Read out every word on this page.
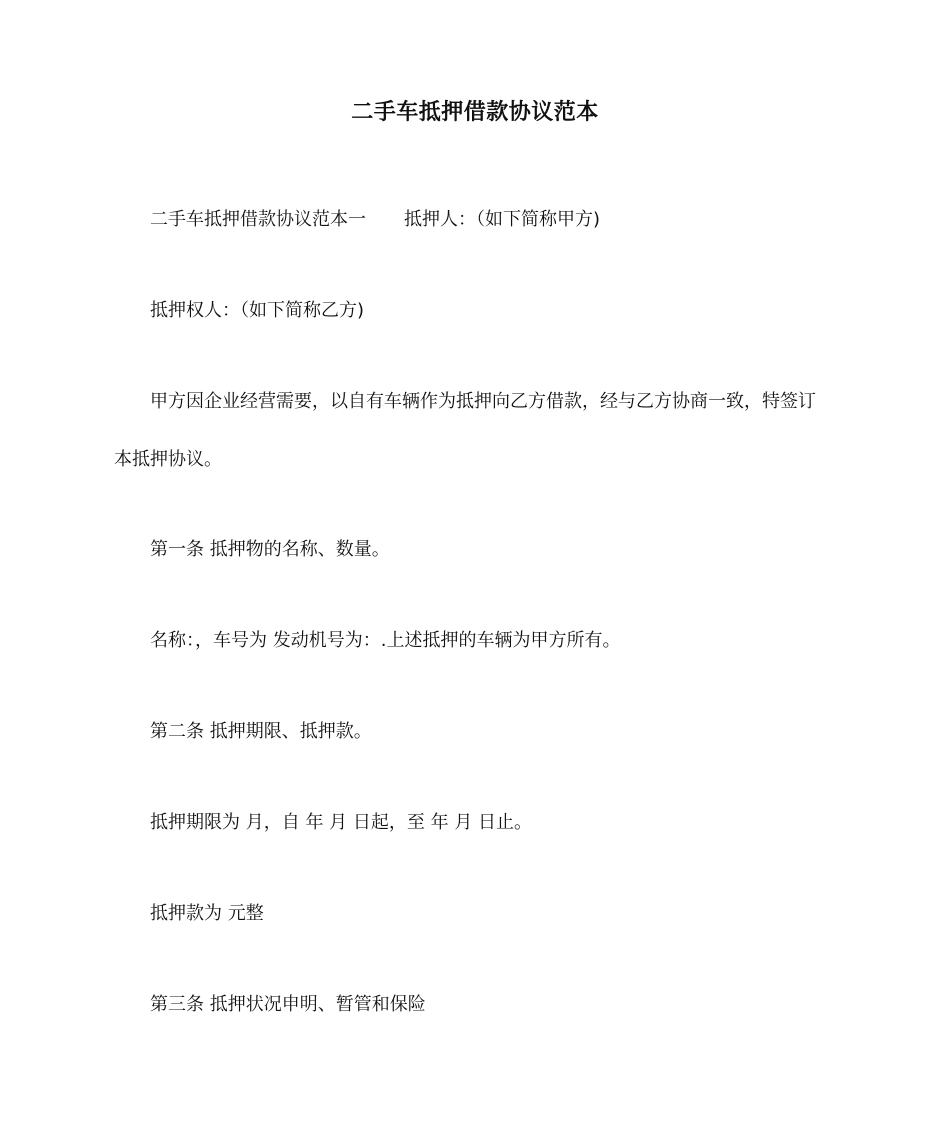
二手车抵押借款协议范本

二手车抵押借款协议范本一 抵押人：（如下简称甲方)

抵押权人：（如下简称乙方)

甲方因企业经营需要，以自有车辆作为抵押向乙方借款，经与乙方协商一致，特签订
本抵押协议。

第一条 抵押物的名称、数量。

名称：，车号为 发动机号为：.上述抵押的车辆为甲方所有。

第二条 抵押期限、抵押款。

抵押期限为 月，自 年 月 日起，至 年 月 日止。

抵押款为 元整

第三条 抵押状况申明、暂管和保险
